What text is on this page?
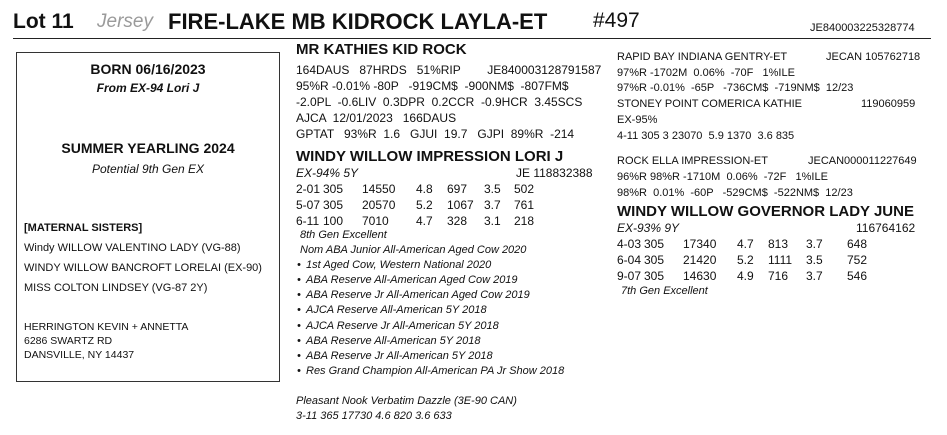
Lot 11 Jersey FIRE-LAKE MB KIDROCK LAYLA-ET #497	JE840003225328774
BORN 06/16/2023
From EX-94 Lori J
SUMMER YEARLING 2024
Potential 9th Gen EX
[MATERNAL SISTERS]
Windy WILLOW VALENTINO LADY (VG-88)
WINDY WILLOW BANCROFT LORELAI (EX-90)
MISS COLTON LINDSEY (VG-87 2Y)
HERRINGTON KEVIN + ANNETTA
6286 SWARTZ RD
DANSVILLE, NY 14437
MR KATHIES KID ROCK
164DAUS   87HRDS   51%RIP        JE840003128791587
95%R -0.01% -80P   -919CM$  -900NM$  -807FM$
-2.0PL  -0.6LIV  0.3DPR  0.2CCR  -0.9HCR  3.45SCS
AJCA  12/01/2023   166DAUS
GPTAT   93%R  1.6   GJUI  19.7   GJPI  89%R  -214
WINDY WILLOW IMPRESSION LORI J
EX-94% 5Y	JE 118832388
2-01 305 14550 4.8 697 3.5 502
5-07 305 20570 5.2 1067 3.7 761
6-11 100 7010 4.7 328 3.1 218
8th Gen Excellent
Nom ABA Junior All-American Aged Cow 2020
• 1st Aged Cow, Western National 2020
• ABA Reserve All-American Aged Cow 2019
• ABA Reserve Jr All-American Aged Cow 2019
• AJCA Reserve All-American 5Y 2018
• AJCA Reserve Jr All-American 5Y 2018
• ABA Reserve All-American 5Y 2018
• ABA Reserve Jr All-American 5Y 2018
• Res Grand Champion All-American PA Jr Show 2018
Pleasant Nook Verbatim Dazzle (3E-90 CAN)
3-11 365 17730 4.6 820 3.6 633
RAPID BAY INDIANA GENTRY-ET	JECAN 105762718
97%R -1702M  0.06%  -70F   1%ILE
97%R -0.01%  -65P   -736CM$  -719NM$  12/23
STONEY POINT COMERICA KATHIE	119060959
EX-95%
4-11 305 3 23070  5.9 1370  3.6 835
ROCK ELLA IMPRESSION-ET	JECAN000011227649
96%R 98%R -1710M  0.06%  -72F   1%ILE
98%R  0.01%  -60P   -529CM$  -522NM$  12/23
WINDY WILLOW GOVERNOR LADY JUNE
EX-93% 9Y	116764162
4-03 305 17340 4.7 813 3.7 648
6-04 305 21420 5.2 1111 3.5 752
9-07 305 14630 4.9 716 3.7 546
7th Gen Excellent
